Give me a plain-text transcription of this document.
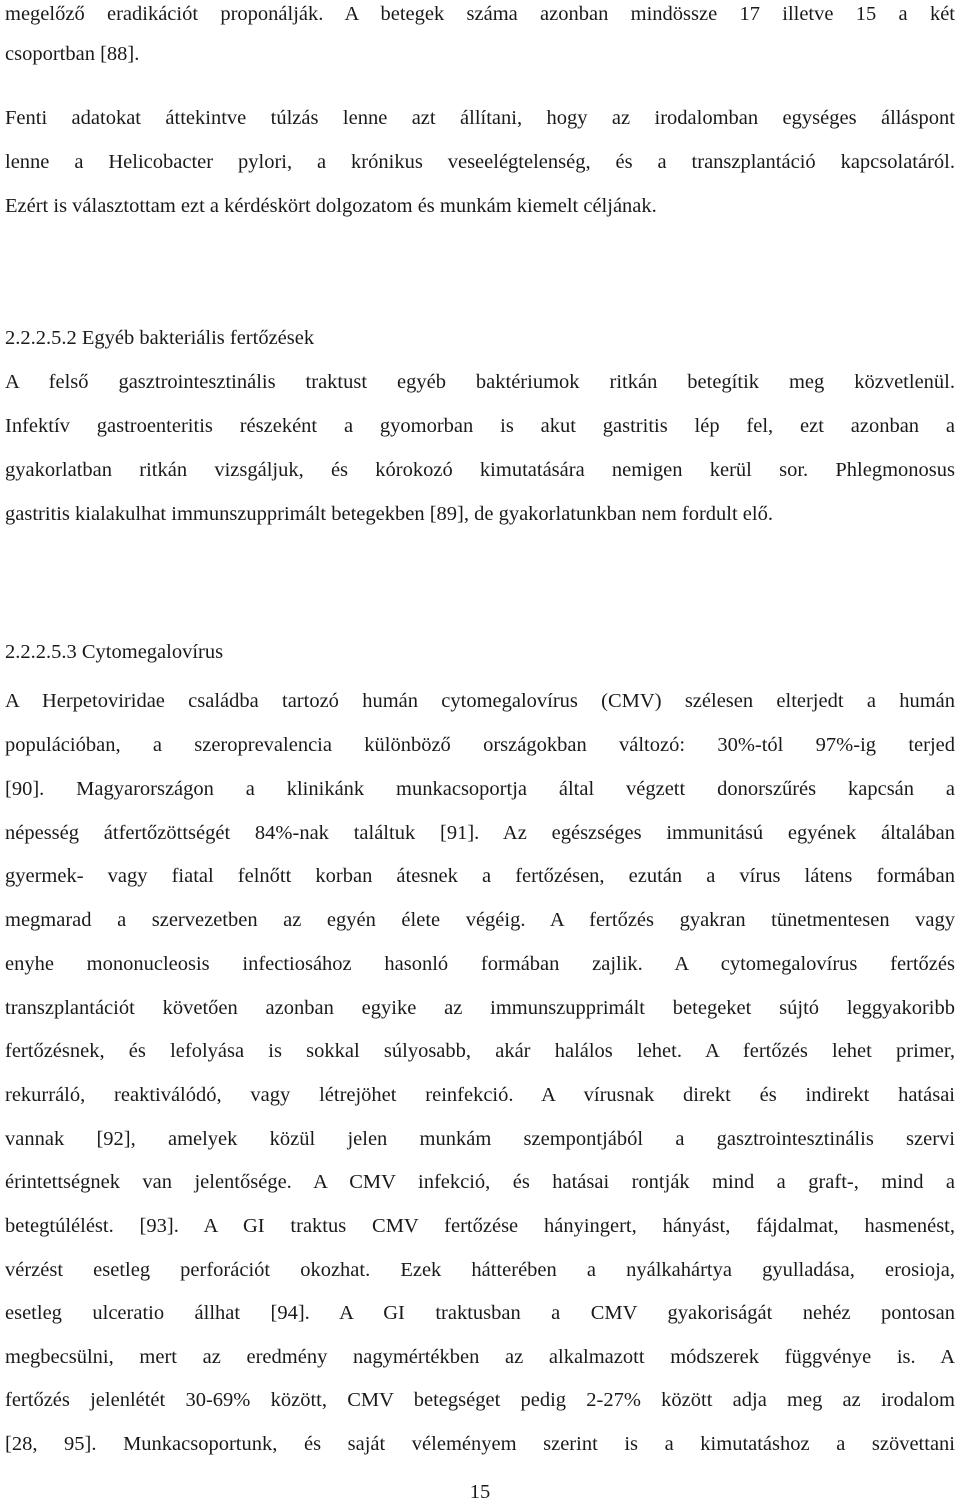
megelőző eradikációt proponálják. A betegek száma azonban mindössze 17 illetve 15 a két
csoportban [88].
Fenti adatokat áttekintve túlzás lenne azt állítani, hogy az irodalomban egységes álláspont
lenne a Helicobacter pylori, a krónikus veseelégtelenség, és a transzplantáció kapcsolatáról.
Ezért is választottam ezt a kérdéskört dolgozatom és munkám kiemelt céljának.
2.2.2.5.2 Egyéb bakteriális fertőzések
A felső gasztrointesztinális traktust egyéb baktériumok ritkán betegítik meg közvetlenül.
Infektív gastroenteritis részeként a gyomorban is akut gastritis lép fel, ezt azonban a
gyakorlatban ritkán vizsgáljuk, és kórokozó kimutatására nemigen kerül sor. Phlegmonosus
gastritis kialakulhat immunszupprimált betegekben [89], de gyakorlatunkban nem fordult elő.
2.2.2.5.3 Cytomegalovírus
A Herpetoviridae családba tartozó humán cytomegalovírus (CMV) szélesen elterjedt a humán
populációban, a szeroprevalencia különböző országokban változó: 30%-tól 97%-ig terjed
[90]. Magyarországon a klinikánk munkacsoportja által végzett donorszűrés kapcsán a
népesség átfertőzöttségét 84%-nak találtuk [91]. Az egészséges immunitású egyének általában
gyermek- vagy fiatal felnőtt korban átesnek a fertőzésen, ezután a vírus látens formában
megmarad a szervezetben az egyén élete végéig. A fertőzés gyakran tünetmentesen vagy
enyhe mononucleosis infectiosához hasonló formában zajlik. A cytomegalovírus fertőzés
transzplantációt követően azonban egyike az immunszupprimált betegeket sújtó leggyakoribb
fertőzésnek, és lefolyása is sokkal súlyosabb, akár halálos lehet. A fertőzés lehet primer,
rekurráló, reaktiválódó, vagy létrejöhet reinfekció. A vírusnak direkt és indirekt hatásai
vannak [92], amelyek közül jelen munkám szempontjából a gasztrointesztinális szervi
érintettségnek van jelentősége. A CMV infekció, és hatásai rontják mind a graft-, mind a
betegtúlélést. [93]. A GI traktus CMV fertőzése hányingert, hányást, fájdalmat, hasmenést,
vérzést esetleg perforációt okozhat. Ezek hátterében a nyálkahártya gyulladása, erosioja,
esetleg ulceratio állhat [94]. A GI traktusban a CMV gyakoriságát nehéz pontosan
megbecsülni, mert az eredmény nagymértékben az alkalmazott módszerek függvénye is. A
fertőzés jelenlétét 30-69% között, CMV betegséget pedig 2-27% között adja meg az irodalom
[28, 95]. Munkacsoportunk, és saját véleményem szerint is a kimutatáshoz a szövettani
15
